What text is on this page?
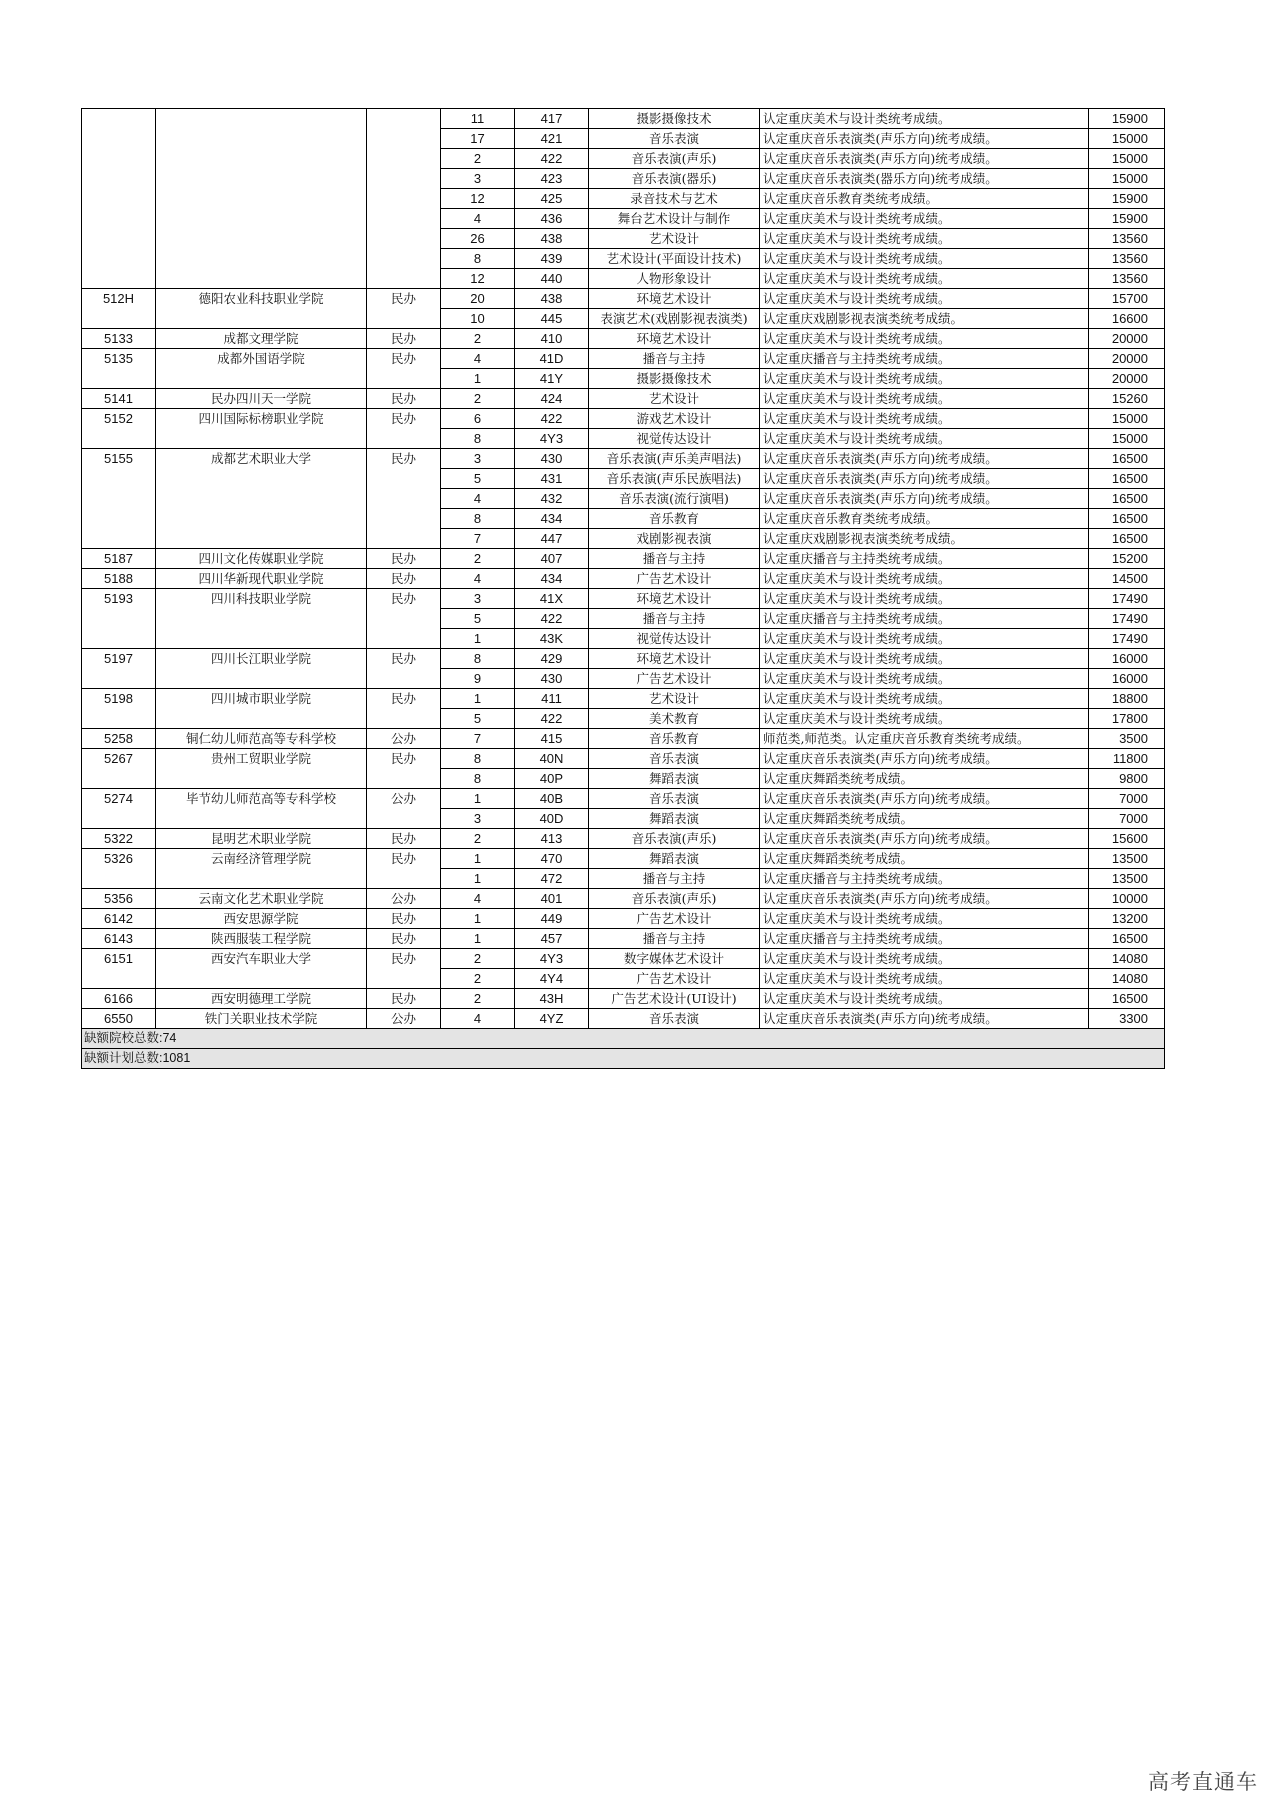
			11	417	摄影摄像技术	认定重庆美术与设计类统考成绩。	15900
			17	421	音乐表演	认定重庆音乐表演类(声乐方向)统考成绩。	15000
			2	422	音乐表演(声乐)	认定重庆音乐表演类(声乐方向)统考成绩。	15000
			3	423	音乐表演(器乐)	认定重庆音乐表演类(器乐方向)统考成绩。	15000
			12	425	录音技术与艺术	认定重庆音乐教育类统考成绩。	15900
			4	436	舞台艺术设计与制作	认定重庆美术与设计类统考成绩。	15900
			26	438	艺术设计	认定重庆美术与设计类统考成绩。	13560
			8	439	艺术设计(平面设计技术)	认定重庆美术与设计类统考成绩。	13560
			12	440	人物形象设计	认定重庆美术与设计类统考成绩。	13560
512H	德阳农业科技职业学院	民办	20	438	环境艺术设计	认定重庆美术与设计类统考成绩。	15700
			10	445	表演艺术(戏剧影视表演类)	认定重庆戏剧影视表演类统考成绩。	16600
5133	成都文理学院	民办	2	410	环境艺术设计	认定重庆美术与设计类统考成绩。	20000
5135	成都外国语学院	民办	4	41D	播音与主持	认定重庆播音与主持类统考成绩。	20000
			1	41Y	摄影摄像技术	认定重庆美术与设计类统考成绩。	20000
5141	民办四川天一学院	民办	2	424	艺术设计	认定重庆美术与设计类统考成绩。	15260
5152	四川国际标榜职业学院	民办	6	422	游戏艺术设计	认定重庆美术与设计类统考成绩。	15000
			8	4Y3	视觉传达设计	认定重庆美术与设计类统考成绩。	15000
5155	成都艺术职业大学	民办	3	430	音乐表演(声乐美声唱法)	认定重庆音乐表演类(声乐方向)统考成绩。	16500
			5	431	音乐表演(声乐民族唱法)	认定重庆音乐表演类(声乐方向)统考成绩。	16500
			4	432	音乐表演(流行演唱)	认定重庆音乐表演类(声乐方向)统考成绩。	16500
			8	434	音乐教育	认定重庆音乐教育类统考成绩。	16500
			7	447	戏剧影视表演	认定重庆戏剧影视表演类统考成绩。	16500
5187	四川文化传媒职业学院	民办	2	407	播音与主持	认定重庆播音与主持类统考成绩。	15200
5188	四川华新现代职业学院	民办	4	434	广告艺术设计	认定重庆美术与设计类统考成绩。	14500
5193	四川科技职业学院	民办	3	41X	环境艺术设计	认定重庆美术与设计类统考成绩。	17490
			5	422	播音与主持	认定重庆播音与主持类统考成绩。	17490
			1	43K	视觉传达设计	认定重庆美术与设计类统考成绩。	17490
5197	四川长江职业学院	民办	8	429	环境艺术设计	认定重庆美术与设计类统考成绩。	16000
			9	430	广告艺术设计	认定重庆美术与设计类统考成绩。	16000
5198	四川城市职业学院	民办	1	411	艺术设计	认定重庆美术与设计类统考成绩。	18800
			5	422	美术教育	认定重庆美术与设计类统考成绩。	17800
5258	铜仁幼儿师范高等专科学校	公办	7	415	音乐教育	师范类,师范类。认定重庆音乐教育类统考成绩。	3500
5267	贵州工贸职业学院	民办	8	40N	音乐表演	认定重庆音乐表演类(声乐方向)统考成绩。	11800
			8	40P	舞蹈表演	认定重庆舞蹈类统考成绩。	9800
5274	毕节幼儿师范高等专科学校	公办	1	40B	音乐表演	认定重庆音乐表演类(声乐方向)统考成绩。	7000
			3	40D	舞蹈表演	认定重庆舞蹈类统考成绩。	7000
5322	昆明艺术职业学院	民办	2	413	音乐表演(声乐)	认定重庆音乐表演类(声乐方向)统考成绩。	15600
5326	云南经济管理学院	民办	1	470	舞蹈表演	认定重庆舞蹈类统考成绩。	13500
			1	472	播音与主持	认定重庆播音与主持类统考成绩。	13500
5356	云南文化艺术职业学院	公办	4	401	音乐表演(声乐)	认定重庆音乐表演类(声乐方向)统考成绩。	10000
6142	西安思源学院	民办	1	449	广告艺术设计	认定重庆美术与设计类统考成绩。	13200
6143	陕西服装工程学院	民办	1	457	播音与主持	认定重庆播音与主持类统考成绩。	16500
6151	西安汽车职业大学	民办	2	4Y3	数字媒体艺术设计	认定重庆美术与设计类统考成绩。	14080
			2	4Y4	广告艺术设计	认定重庆美术与设计类统考成绩。	14080
6166	西安明德理工学院	民办	2	43H	广告艺术设计(UI设计)	认定重庆美术与设计类统考成绩。	16500
6550	铁门关职业技术学院	公办	4	4YZ	音乐表演	认定重庆音乐表演类(声乐方向)统考成绩。	3300
缺额院校总数:74							
缺额计划总数:1081							
高考直通车
